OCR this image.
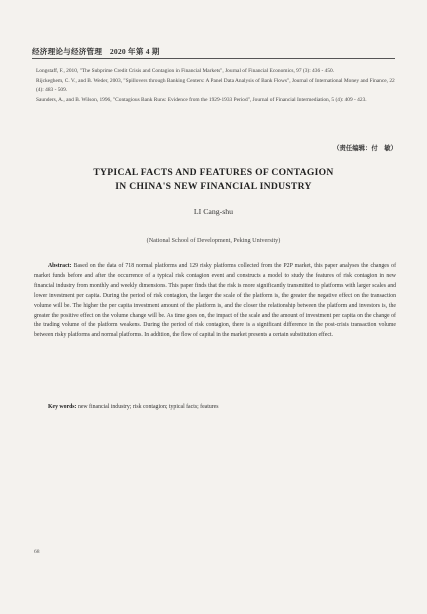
经济理论与经济管理　2020 年第 4 期
Longstaff, F., 2010, "The Subprime Credit Crisis and Contagion in Financial Markets", Journal of Financial Economics, 97 (3): 436 - 450.
Rijckeghem, C. V., and B. Weder, 2003, "Spillovers through Banking Centers: A Panel Data Analysis of Bank Flows", Journal of International Money and Finance, 22 (4): 483 - 509.
Saunders, A., and B. Wilson, 1996, "Contagious Bank Runs: Evidence from the 1929-1933 Period", Journal of Financial Intermediation, 5 (4): 409 - 423.
（责任编辑：付　敏）
TYPICAL FACTS AND FEATURES OF CONTAGION
IN CHINA'S NEW FINANCIAL INDUSTRY
LI Cang-shu
(National School of Development, Peking University)
Abstract: Based on the data of 718 normal platforms and 129 risky platforms collected from the P2P market, this paper analyses the changes of market funds before and after the occurrence of a typical risk contagion event and constructs a model to study the features of risk contagion in new financial industry from monthly and weekly dimensions. This paper finds that the risk is more significantly transmitted to platforms with larger scales and lower investment per capita. During the period of risk contagion, the larger the scale of the platform is, the greater the negative effect on the transaction volume will be. The higher the per capita investment amount of the platform is, and the closer the relationship between the platform and investors is, the greater the positive effect on the volume change will be. As time goes on, the impact of the scale and the amount of investment per capita on the change of the trading volume of the platform weakens. During the period of risk contagion, there is a significant difference in the post-crisis transaction volume between risky platforms and normal platforms. In addition, the flow of capital in the market presents a certain substitution effect.
Key words: new financial industry; risk contagion; typical facts; features
68
